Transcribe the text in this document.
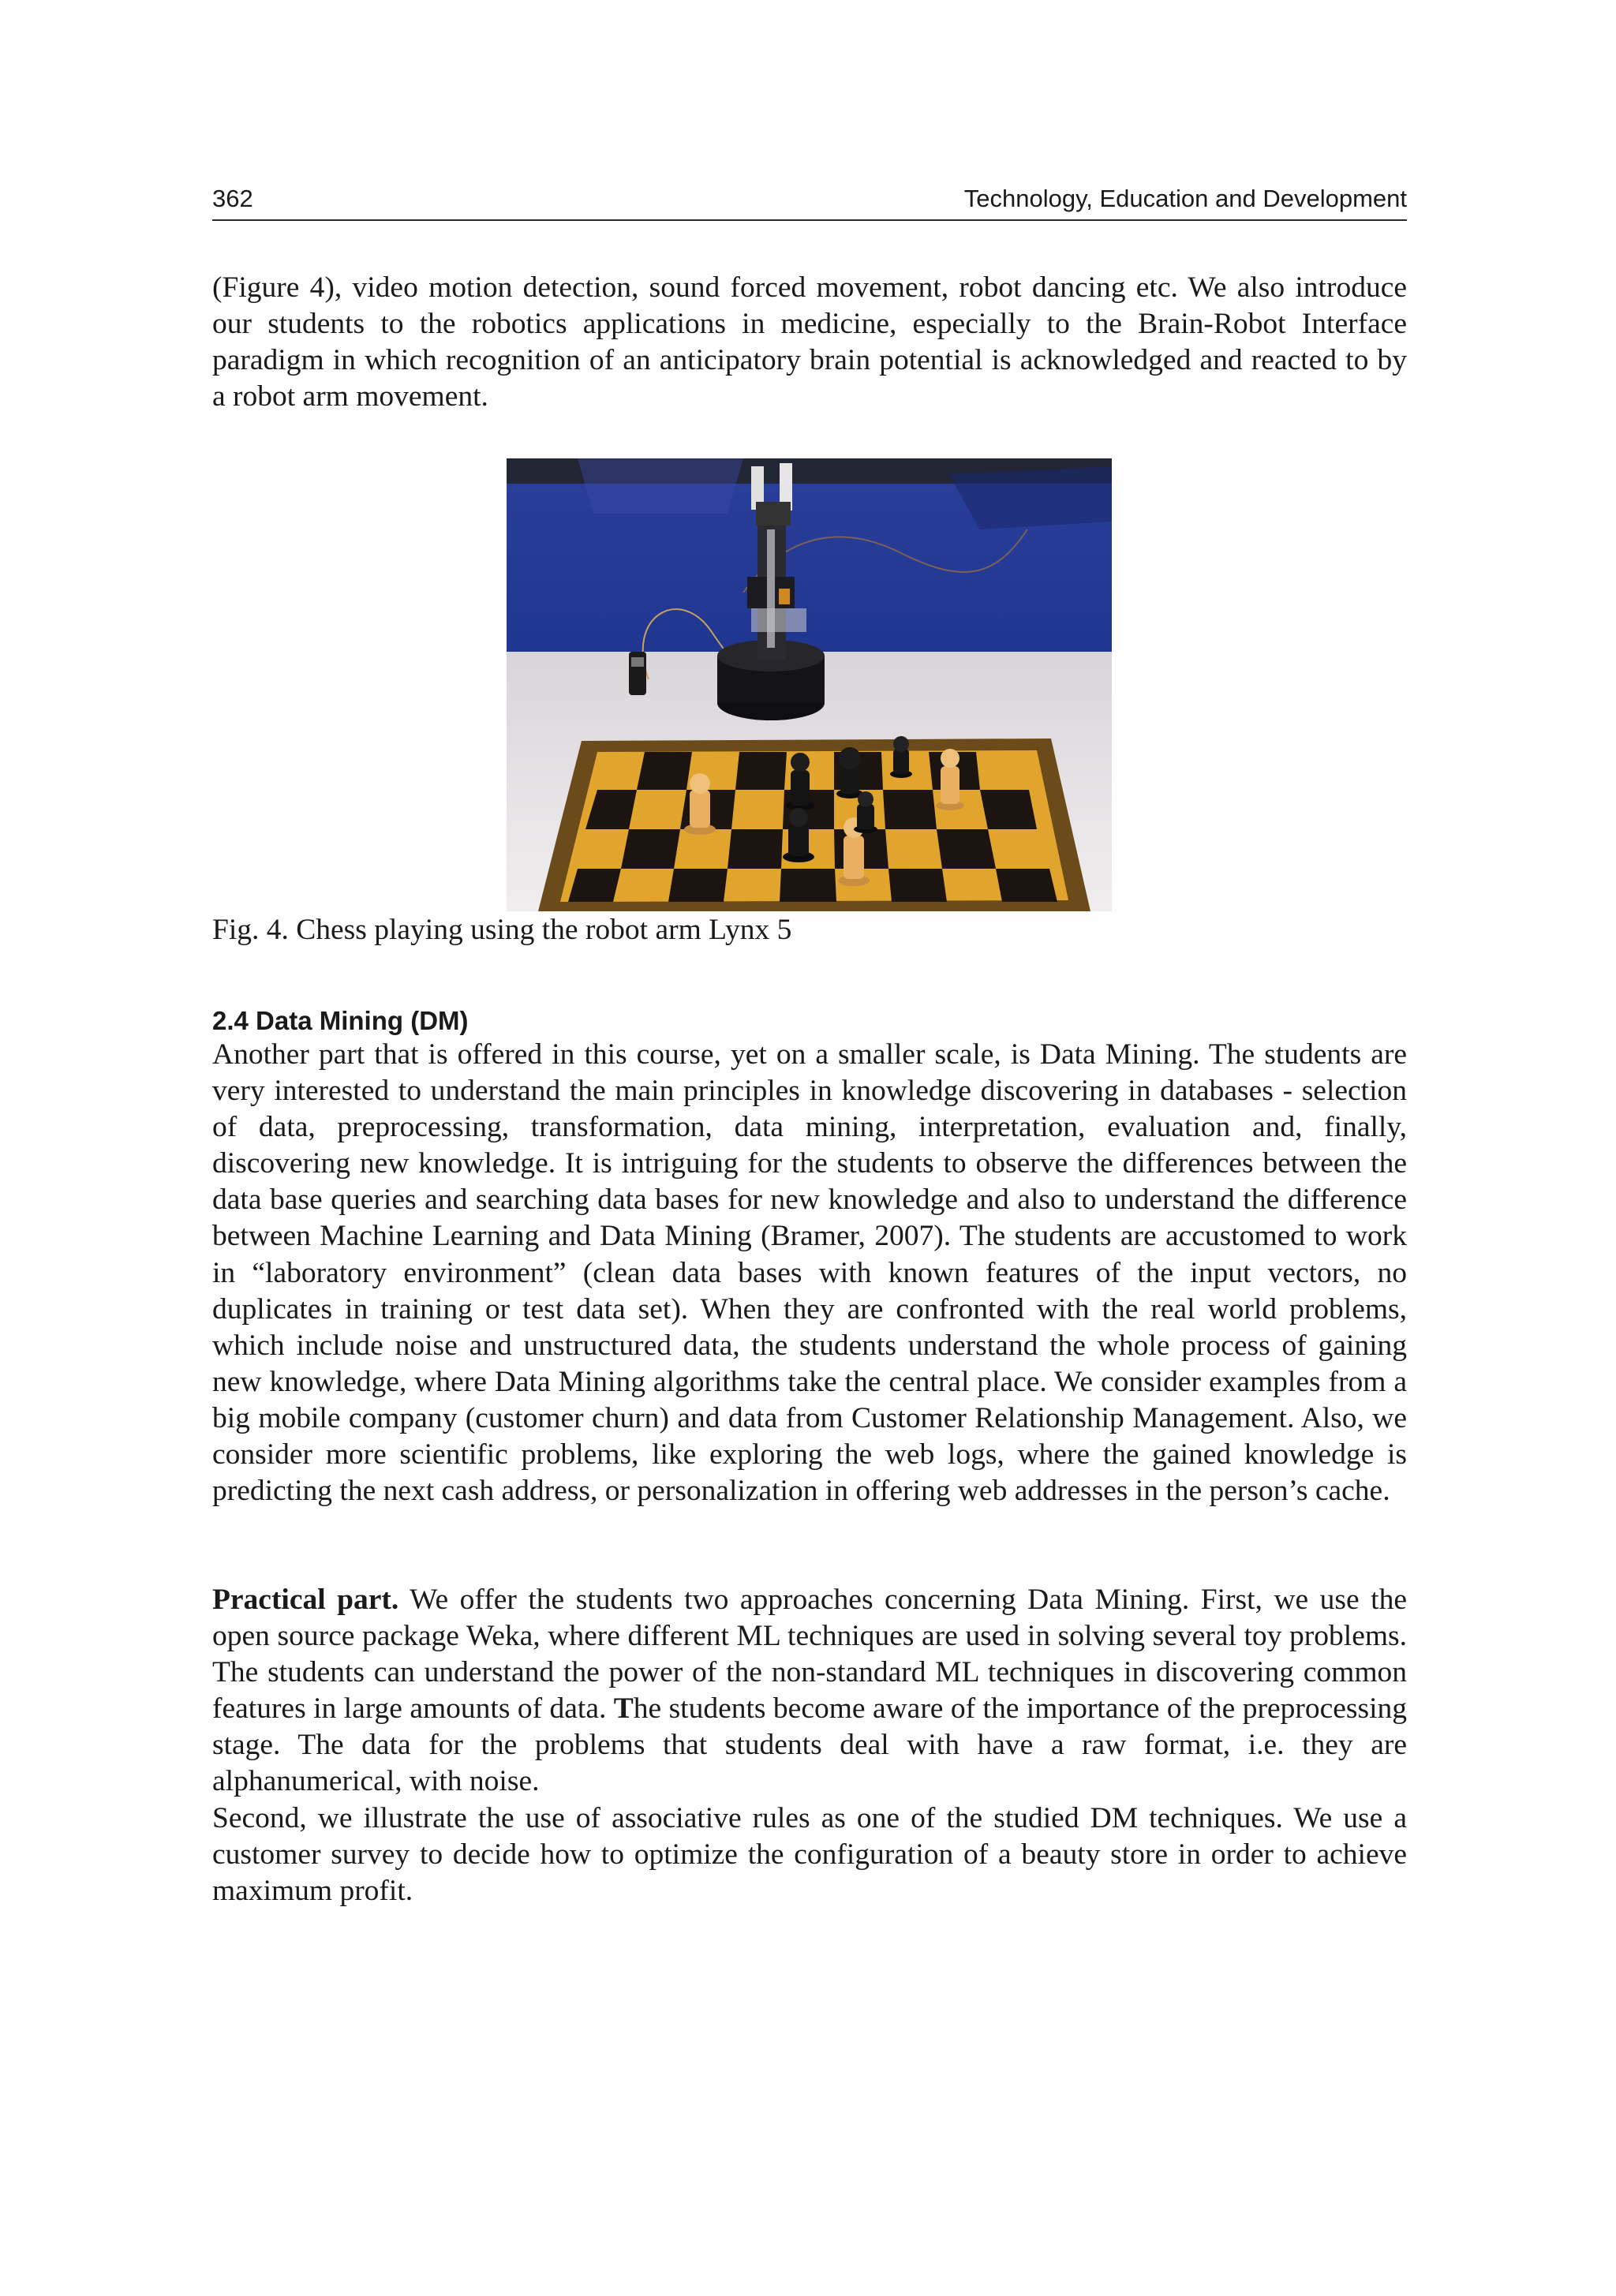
362	Technology, Education and Development

(Figure 4), video motion detection, sound forced movement, robot dancing etc. We also introduce our students to the robotics applications in medicine, especially to the Brain-Robot Interface paradigm in which recognition of an anticipatory brain potential is acknowledged and reacted to by a robot arm movement.

Fig. 4. Chess playing using the robot arm Lynx 5

2.4 Data Mining (DM)

Another part that is offered in this course, yet on a smaller scale, is Data Mining. The students are very interested to understand the main principles in knowledge discovering in databases - selection of data, preprocessing, transformation, data mining, interpretation, evaluation and, finally, discovering new knowledge. It is intriguing for the students to observe the differences between the data base queries and searching data bases for new knowledge and also to understand the difference between Machine Learning and Data Mining (Bramer, 2007). The students are accustomed to work in “laboratory environment” (clean data bases with known features of the input vectors, no duplicates in training or test data set). When they are confronted with the real world problems, which include noise and unstructured data, the students understand the whole process of gaining new knowledge, where Data Mining algorithms take the central place. We consider examples from a big mobile company (customer churn) and data from Customer Relationship Management. Also, we consider more scientific problems, like exploring the web logs, where the gained knowledge is predicting the next cash address, or personalization in offering web addresses in the person’s cache.

Practical part. We offer the students two approaches concerning Data Mining. First, we use the open source package Weka, where different ML techniques are used in solving several toy problems. The students can understand the power of the non-standard ML techniques in discovering common features in large amounts of data. The students become aware of the importance of the preprocessing stage. The data for the problems that students deal with have a raw format, i.e. they are alphanumerical, with noise.

Second, we illustrate the use of associative rules as one of the studied DM techniques. We use a customer survey to decide how to optimize the configuration of a beauty store in order to achieve maximum profit.
